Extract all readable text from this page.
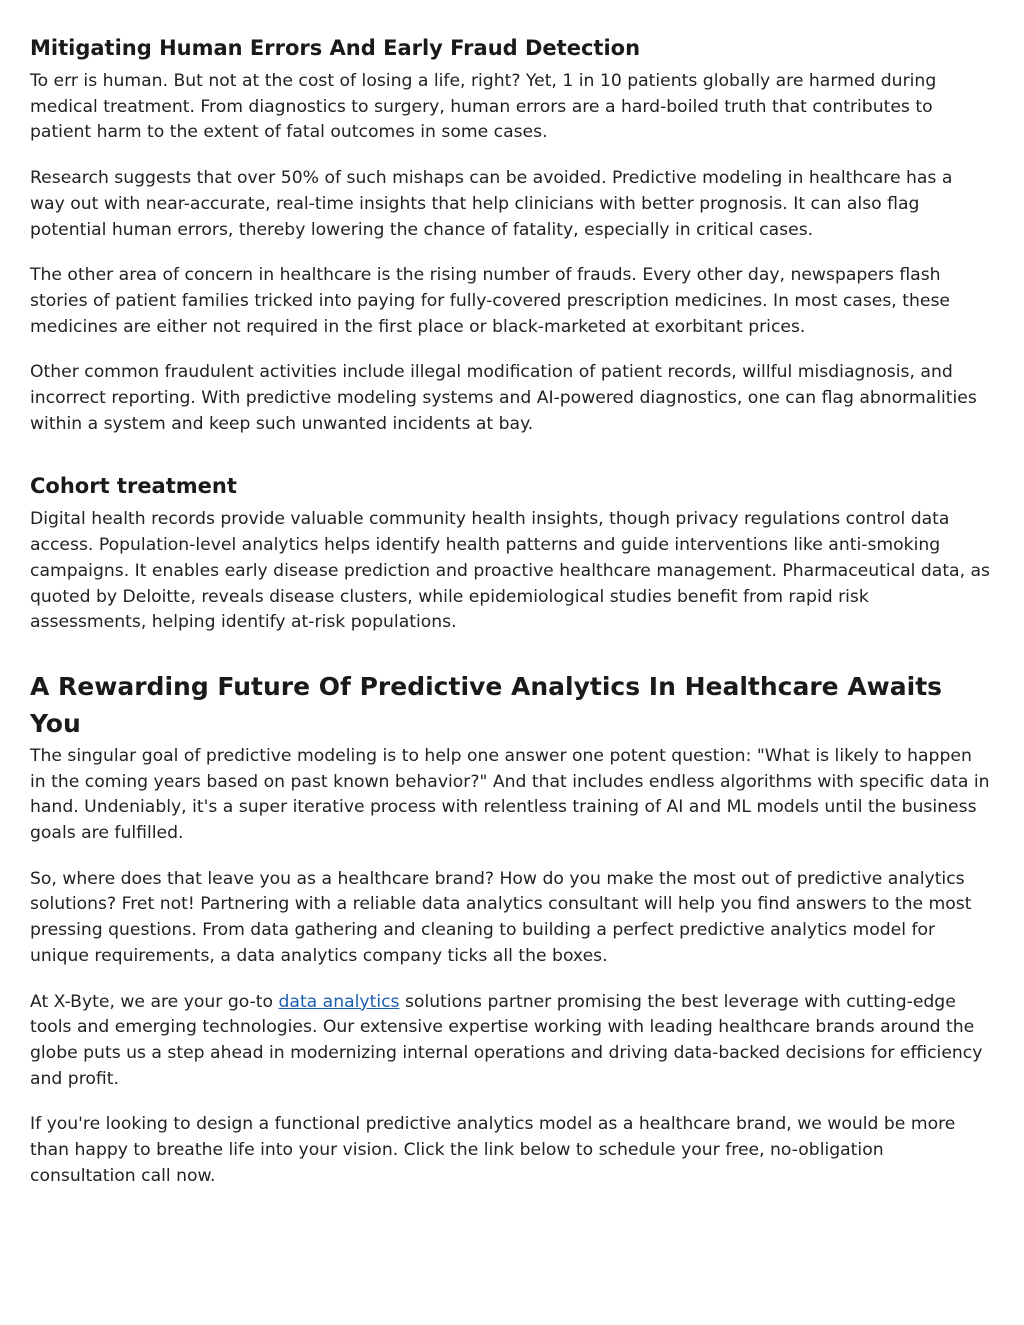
Mitigating Human Errors And Early Fraud Detection

To err is human. But not at the cost of losing a life, right? Yet, 1 in 10 patients globally are harmed during medical treatment. From diagnostics to surgery, human errors are a hard-boiled truth that contributes to patient harm to the extent of fatal outcomes in some cases.

Research suggests that over 50% of such mishaps can be avoided. Predictive modeling in healthcare has a way out with near-accurate, real-time insights that help clinicians with better prognosis. It can also flag potential human errors, thereby lowering the chance of fatality, especially in critical cases.

The other area of concern in healthcare is the rising number of frauds. Every other day, newspapers flash stories of patient families tricked into paying for fully-covered prescription medicines. In most cases, these medicines are either not required in the first place or black-marketed at exorbitant prices.

Other common fraudulent activities include illegal modification of patient records, willful misdiagnosis, and incorrect reporting. With predictive modeling systems and AI-powered diagnostics, one can flag abnormalities within a system and keep such unwanted incidents at bay.

Cohort treatment

Digital health records provide valuable community health insights, though privacy regulations control data access. Population-level analytics helps identify health patterns and guide interventions like anti-smoking campaigns. It enables early disease prediction and proactive healthcare management. Pharmaceutical data, as quoted by Deloitte, reveals disease clusters, while epidemiological studies benefit from rapid risk assessments, helping identify at-risk populations.

A Rewarding Future Of Predictive Analytics In Healthcare Awaits You

The singular goal of predictive modeling is to help one answer one potent question: "What is likely to happen in the coming years based on past known behavior?" And that includes endless algorithms with specific data in hand. Undeniably, it's a super iterative process with relentless training of AI and ML models until the business goals are fulfilled.

So, where does that leave you as a healthcare brand? How do you make the most out of predictive analytics solutions? Fret not! Partnering with a reliable data analytics consultant will help you find answers to the most pressing questions. From data gathering and cleaning to building a perfect predictive analytics model for unique requirements, a data analytics company ticks all the boxes.

At X-Byte, we are your go-to data analytics solutions partner promising the best leverage with cutting-edge tools and emerging technologies. Our extensive expertise working with leading healthcare brands around the globe puts us a step ahead in modernizing internal operations and driving data-backed decisions for efficiency and profit.

If you're looking to design a functional predictive analytics model as a healthcare brand, we would be more than happy to breathe life into your vision. Click the link below to schedule your free, no-obligation consultation call now.
